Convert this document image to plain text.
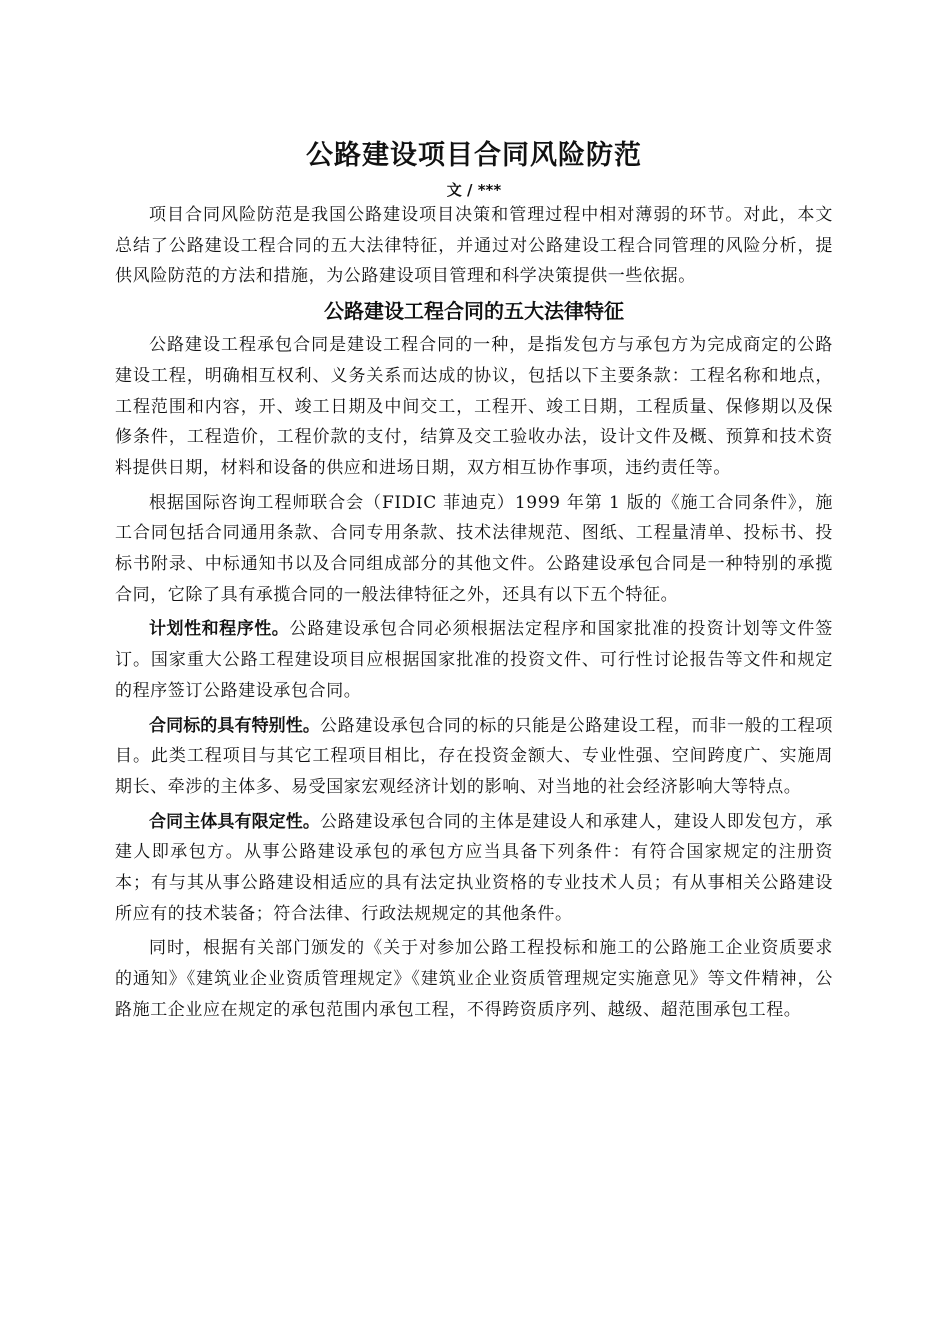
公路建设项目合同风险防范
文 / ***

项目合同风险防范是我国公路建设项目决策和管理过程中相对薄弱的环节。对此，本文总结了公路建设工程合同的五大法律特征，并通过对公路建设工程合同管理的风险分析，提供风险防范的方法和措施，为公路建设项目管理和科学决策提供一些依据。

公路建设工程合同的五大法律特征

公路建设工程承包合同是建设工程合同的一种，是指发包方与承包方为完成商定的公路建设工程，明确相互权利、义务关系而达成的协议，包括以下主要条款：工程名称和地点，工程范围和内容，开、竣工日期及中间交工，工程开、竣工日期，工程质量、保修期以及保修条件，工程造价，工程价款的支付，结算及交工验收办法，设计文件及概、预算和技术资料提供日期，材料和设备的供应和进场日期，双方相互协作事项，违约责任等。

根据国际咨询工程师联合会（FIDIC 菲迪克）1999 年第 1 版的《施工合同条件》，施工合同包括合同通用条款、合同专用条款、技术法律规范、图纸、工程量清单、投标书、投标书附录、中标通知书以及合同组成部分的其他文件。公路建设承包合同是一种特别的承揽合同，它除了具有承揽合同的一般法律特征之外，还具有以下五个特征。

计划性和程序性。公路建设承包合同必须根据法定程序和国家批准的投资计划等文件签订。国家重大公路工程建设项目应根据国家批准的投资文件、可行性讨论报告等文件和规定的程序签订公路建设承包合同。

合同标的具有特别性。公路建设承包合同的标的只能是公路建设工程，而非一般的工程项目。此类工程项目与其它工程项目相比，存在投资金额大、专业性强、空间跨度广、实施周期长、牵涉的主体多、易受国家宏观经济计划的影响、对当地的社会经济影响大等特点。

合同主体具有限定性。公路建设承包合同的主体是建设人和承建人，建设人即发包方，承建人即承包方。从事公路建设承包的承包方应当具备下列条件：有符合国家规定的注册资本；有与其从事公路建设相适应的具有法定执业资格的专业技术人员；有从事相关公路建设所应有的技术装备；符合法律、行政法规规定的其他条件。

同时，根据有关部门颁发的《关于对参加公路工程投标和施工的公路施工企业资质要求的通知》《建筑业企业资质管理规定》《建筑业企业资质管理规定实施意见》等文件精神，公路施工企业应在规定的承包范围内承包工程，不得跨资质序列、越级、超范围承包工程。
